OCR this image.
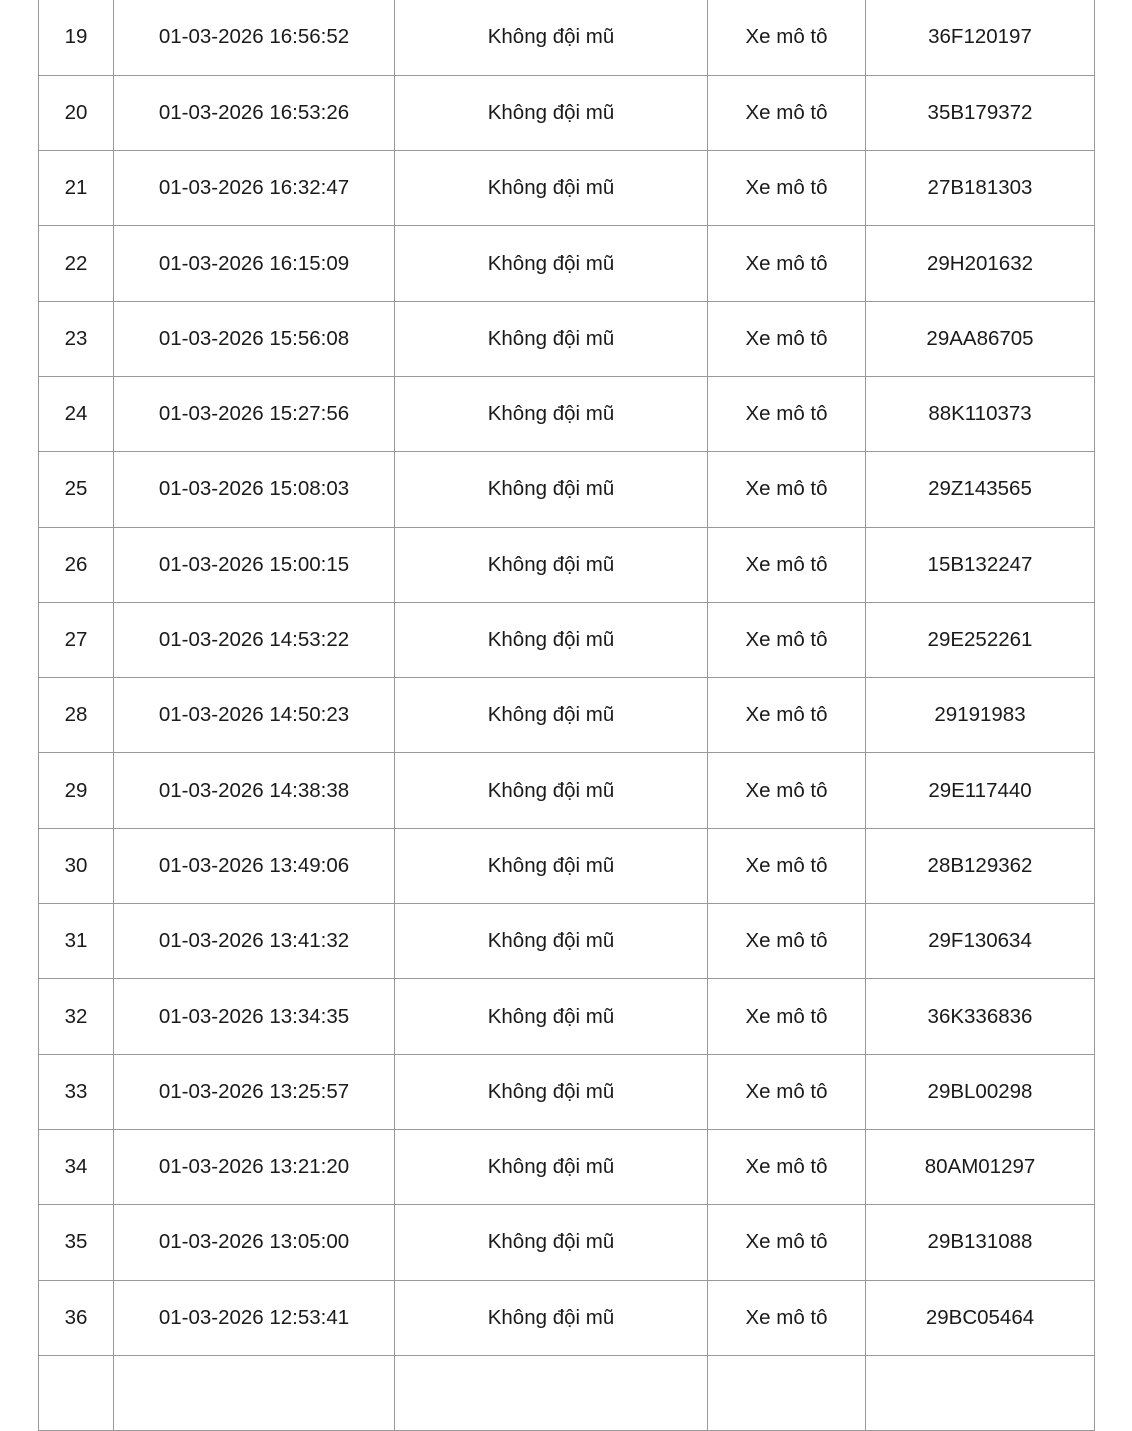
19	01-03-2026 16:56:52	Không đội mũ	Xe mô tô	36F120197
20	01-03-2026 16:53:26	Không đội mũ	Xe mô tô	35B179372
21	01-03-2026 16:32:47	Không đội mũ	Xe mô tô	27B181303
22	01-03-2026 16:15:09	Không đội mũ	Xe mô tô	29H201632
23	01-03-2026 15:56:08	Không đội mũ	Xe mô tô	29AA86705
24	01-03-2026 15:27:56	Không đội mũ	Xe mô tô	88K110373
25	01-03-2026 15:08:03	Không đội mũ	Xe mô tô	29Z143565
26	01-03-2026 15:00:15	Không đội mũ	Xe mô tô	15B132247
27	01-03-2026 14:53:22	Không đội mũ	Xe mô tô	29E252261
28	01-03-2026 14:50:23	Không đội mũ	Xe mô tô	29191983
29	01-03-2026 14:38:38	Không đội mũ	Xe mô tô	29E117440
30	01-03-2026 13:49:06	Không đội mũ	Xe mô tô	28B129362
31	01-03-2026 13:41:32	Không đội mũ	Xe mô tô	29F130634
32	01-03-2026 13:34:35	Không đội mũ	Xe mô tô	36K336836
33	01-03-2026 13:25:57	Không đội mũ	Xe mô tô	29BL00298
34	01-03-2026 13:21:20	Không đội mũ	Xe mô tô	80AM01297
35	01-03-2026 13:05:00	Không đội mũ	Xe mô tô	29B131088
36	01-03-2026 12:53:41	Không đội mũ	Xe mô tô	29BC05464
